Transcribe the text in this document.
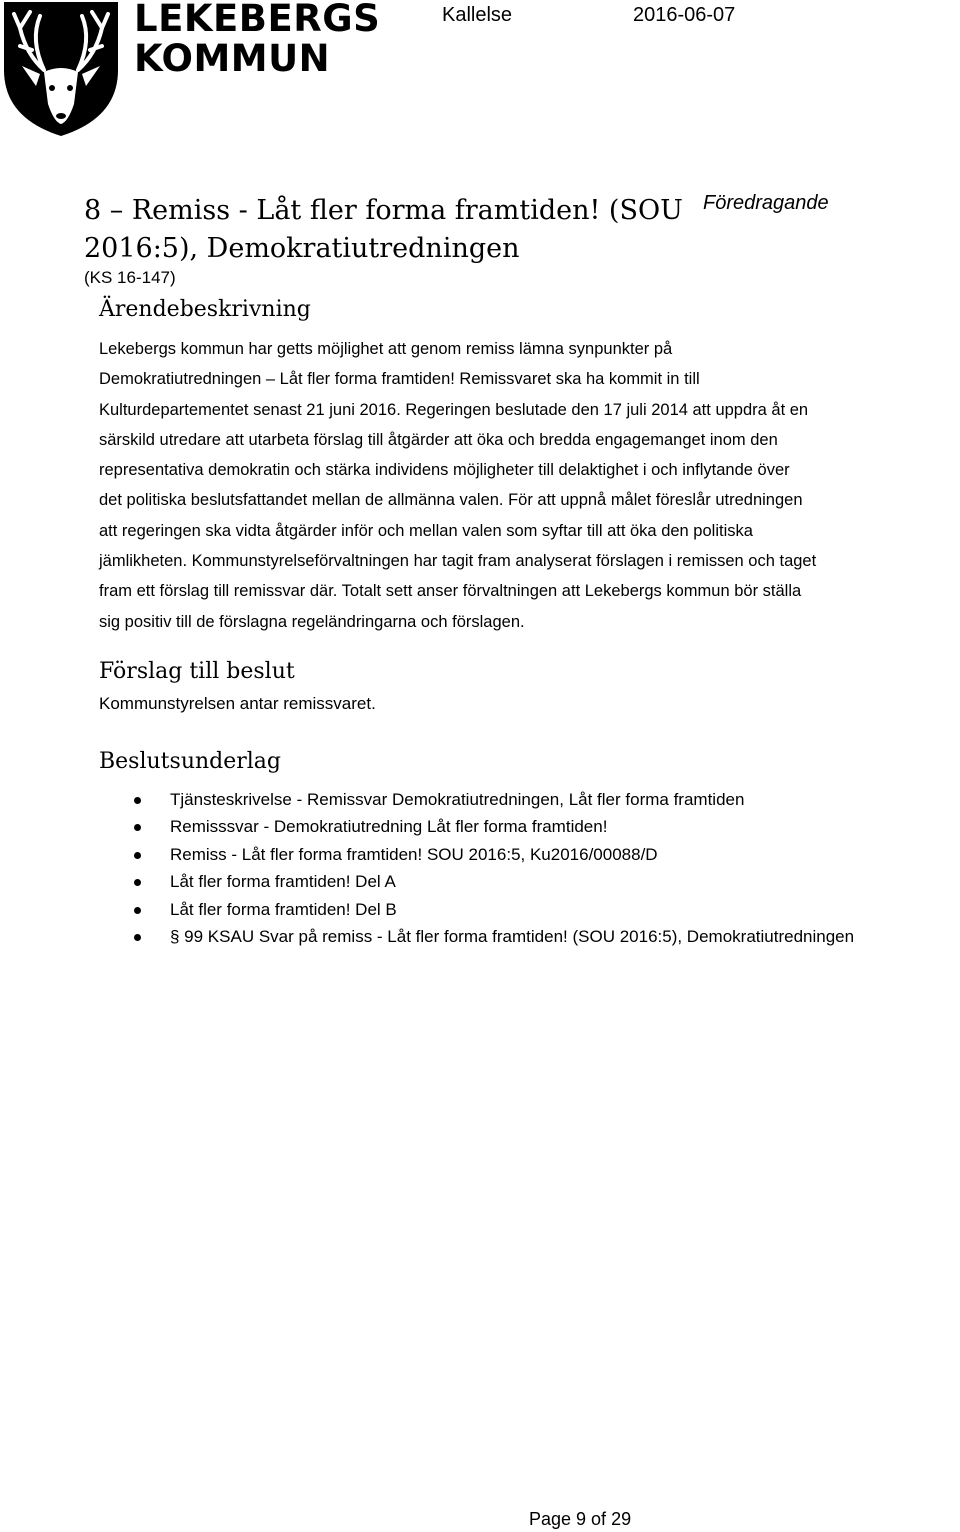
LEKEBERGS
KOMMUN
Kallelse	2016-06-07
8 – Remiss - Låt fler forma framtiden! (SOU
2016:5), Demokratiutredningen
Föredragande
(KS 16-147)
Ärendebeskrivning
Lekebergs kommun har getts möjlighet att genom remiss lämna synpunkter på
Demokratiutredningen – Låt fler forma framtiden! Remissvaret ska ha kommit in till
Kulturdepartementet senast 21 juni 2016. Regeringen beslutade den 17 juli 2014 att uppdra åt en
särskild utredare att utarbeta förslag till åtgärder att öka och bredda engagemanget inom den
representativa demokratin och stärka individens möjligheter till delaktighet i och inflytande över
det politiska beslutsfattandet mellan de allmänna valen. För att uppnå målet föreslår utredningen
att regeringen ska vidta åtgärder inför och mellan valen som syftar till att öka den politiska
jämlikheten. Kommunstyrelseförvaltningen har tagit fram analyserat förslagen i remissen och taget
fram ett förslag till remissvar där. Totalt sett anser förvaltningen att Lekebergs kommun bör ställa
sig positiv till de förslagna regeländringarna och förslagen.
Förslag till beslut
Kommunstyrelsen antar remissvaret.
Beslutsunderlag
Tjänsteskrivelse - Remissvar Demokratiutredningen, Låt fler forma framtiden
Remisssvar - Demokratiutredning Låt fler forma framtiden!
Remiss - Låt fler forma framtiden! SOU 2016:5, Ku2016/00088/D
Låt fler forma framtiden! Del A
Låt fler forma framtiden! Del B
§ 99 KSAU Svar på remiss - Låt fler forma framtiden! (SOU 2016:5), Demokratiutredningen
Page 9 of 29
